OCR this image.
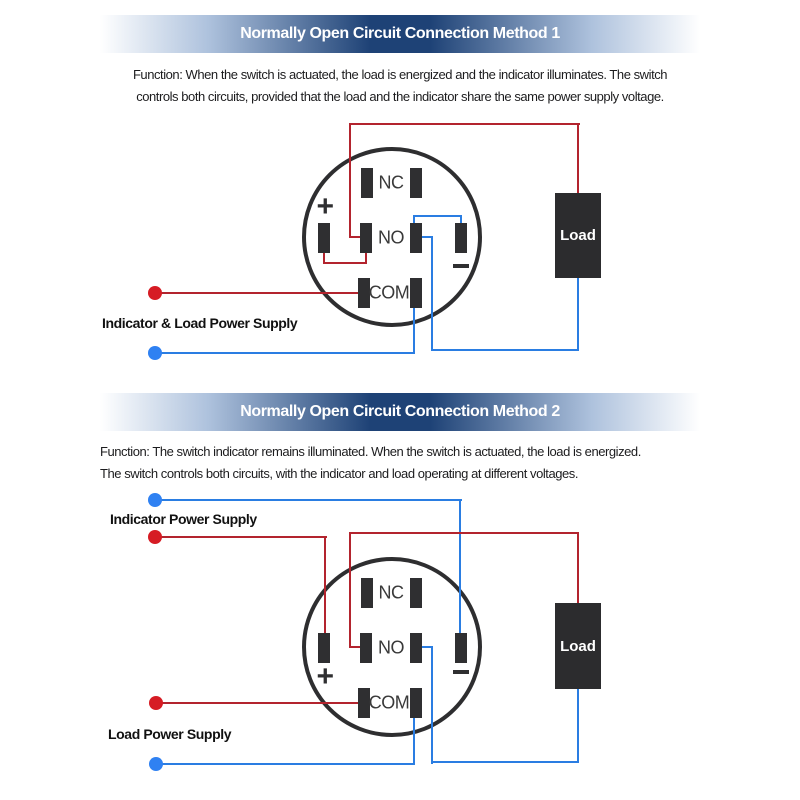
Normally Open Circuit Connection Method 1

Function: When the switch is actuated, the load is energized and the indicator illuminates. The switch
controls both circuits, provided that the load and the indicator share the same power supply voltage.

Indicator & Load Power Supply
Normally Open Circuit Connection Method 2

Function: The switch indicator remains illuminated. When the switch is actuated, the load is energized.
The switch controls both circuits, with the indicator and load operating at different voltages.

Indicator Power Supply
Load Power Supply
NC
NO
COM
+
Load
NC
NO
COM
+
Load
